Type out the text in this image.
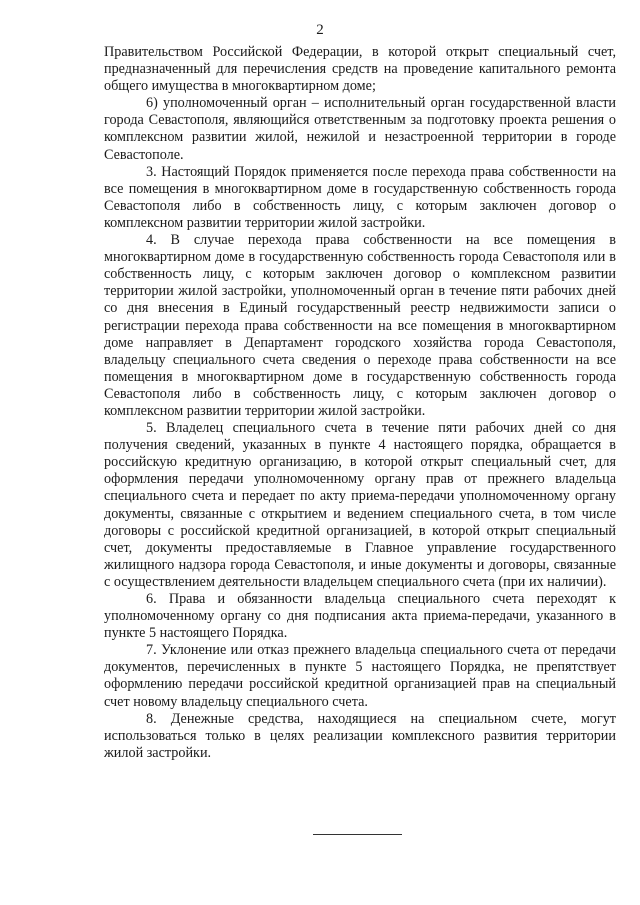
2

Правительством Российской Федерации, в которой открыт специальный счет, предназначенный для перечисления средств на проведение капитального ремонта общего имущества в многоквартирном доме;

6) уполномоченный орган – исполнительный орган государственной власти города Севастополя, являющийся ответственным за подготовку проекта решения о комплексном развитии жилой, нежилой и незастроенной территории в городе Севастополе.

3. Настоящий Порядок применяется после перехода права собственности на все помещения в многоквартирном доме в государственную собственность города Севастополя либо в собственность лицу, с которым заключен договор о комплексном развитии территории жилой застройки.

4. В случае перехода права собственности на все помещения в многоквартирном доме в государственную собственность города Севастополя или в собственность лицу, с которым заключен договор о комплексном развитии территории жилой застройки, уполномоченный орган в течение пяти рабочих дней со дня внесения в Единый государственный реестр недвижимости записи о регистрации перехода права собственности на все помещения в многоквартирном доме направляет в Департамент городского хозяйства города Севастополя, владельцу специального счета сведения о переходе права собственности на все помещения в многоквартирном доме в государственную собственность города Севастополя либо в собственность лицу, с которым заключен договор о комплексном развитии территории жилой застройки.

5. Владелец специального счета в течение пяти рабочих дней со дня получения сведений, указанных в пункте 4 настоящего порядка, обращается в российскую кредитную организацию, в которой открыт специальный счет, для оформления передачи уполномоченному органу прав от прежнего владельца специального счета и передает по акту приема-передачи уполномоченному органу документы, связанные с открытием и ведением специального счета, в том числе договоры с российской кредитной организацией, в которой открыт специальный счет, документы предоставляемые в Главное управление государственного жилищного надзора города Севастополя, и иные документы и договоры, связанные с осуществлением деятельности владельцем специального счета (при их наличии).

6. Права и обязанности владельца специального счета переходят к уполномоченному органу со дня подписания акта приема-передачи, указанного в пункте 5 настоящего Порядка.

7. Уклонение или отказ прежнего владельца специального счета от передачи документов, перечисленных в пункте 5 настоящего Порядка, не препятствует оформлению передачи российской кредитной организацией прав на специальный счет новому владельцу специального счета.

8. Денежные средства, находящиеся на специальном счете, могут использоваться только в целях реализации комплексного развития территории жилой застройки.
